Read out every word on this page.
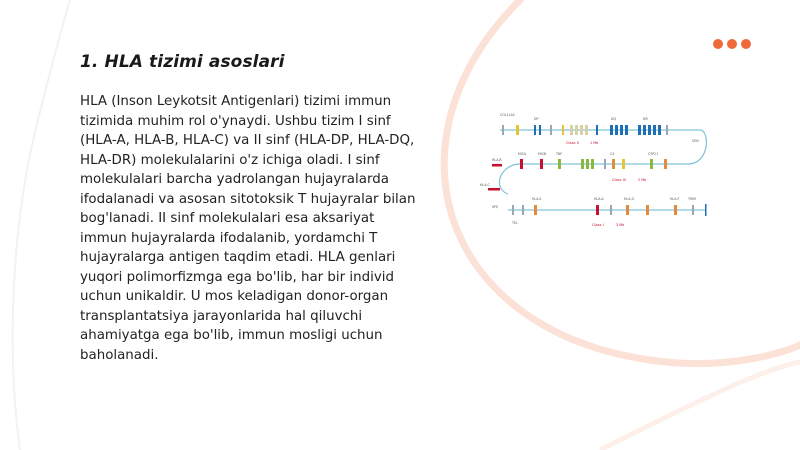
1. HLA tizimi asoslari

HLA (Inson Leykotsit Antigenlari) tizimi immun tizimida muhim rol o'ynaydi. Ushbu tizim I sinf (HLA-A, HLA-B, HLA-C) va II sinf (HLA-DP, HLA-DQ, HLA-DR) molekulalarini o'z ichiga oladi. I sinf molekulalari barcha yadrolangan hujayralarda ifodalanadi va asosan sitotoksik T hujayralar bilan bog'lanadi. II sinf molekulalari esa aksariyat immun hujayralarda ifodalanib, yordamchi T hujayralarga antigen taqdim etadi. HLA genlari yuqori polimorfizmga ega bo'lib, har bir individ uchun unikaldir. U mos keladigan donor-organ transplantatsiya jarayonlarida hal qiluvchi ahamiyatga ega bo'lib, immun mosligi uchun baholanadi.

COL11A2
DP	DQ	DR
Class II	1 Mb	CEN
HLA-B
HLA-C
MICA	MICB	TNF	C4	CYP21
Class III	2 Mb
HLA-E	HLA-A	HLA-G	HLA-F	TRIM
HFE
TEL	Class I	3 Mb
